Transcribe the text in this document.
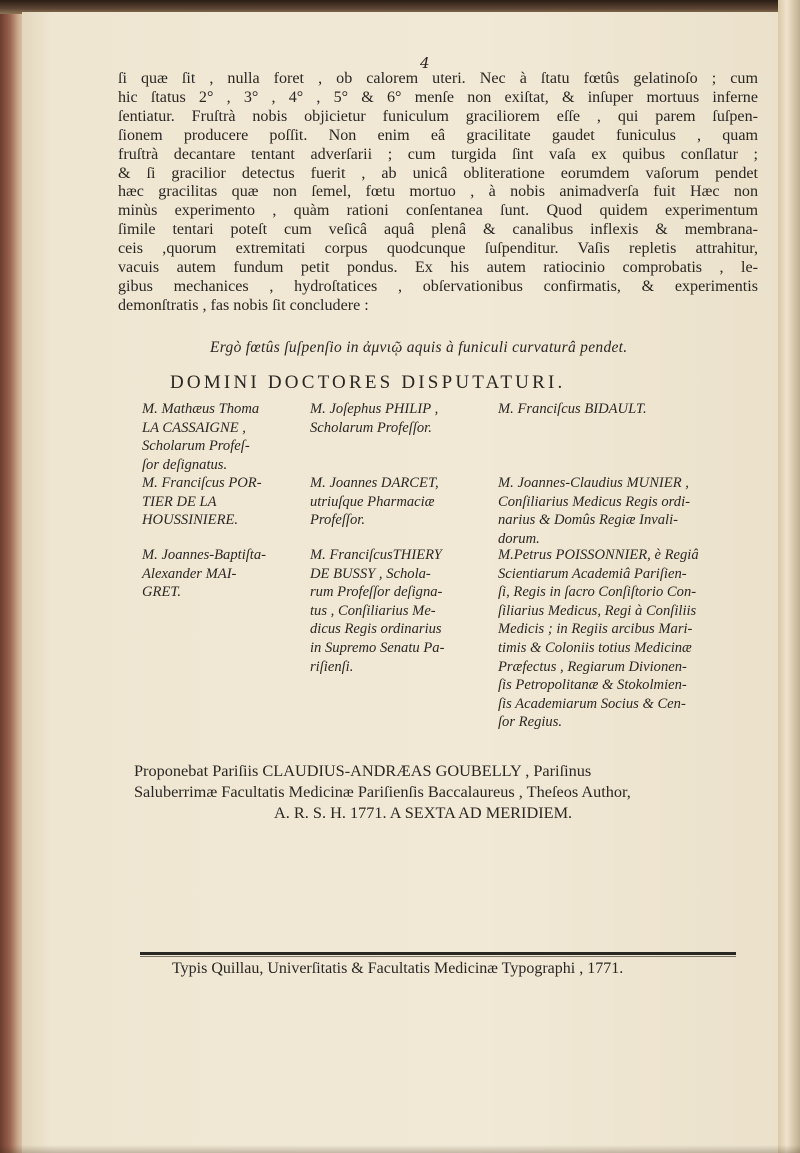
4
ſi quæ ſit , nulla foret , ob calorem uteri. Nec à ſtatu fœtûs gelatinoſo ; cum
hic ſtatus 2° , 3° , 4° , 5° & 6° menſe non exiſtat, & inſuper mortuus inferne
ſentiatur. Fruſtrà nobis objicietur funiculum graciliorem eſſe , qui parem ſuſpen-
ſionem producere poſſit. Non enim eâ gracilitate gaudet funiculus , quam
fruſtrà decantare tentant adverſarii ; cum turgida ſint vaſa ex quibus conſlatur ;
& ſi gracilior detectus fuerit , ab unicâ obliteratione eorumdem vaſorum pendet
hæc gracilitas quæ non ſemel, fœtu mortuo , à nobis animadverſa fuit Hæc non
minùs experimento , quàm rationi conſentanea ſunt. Quod quidem experimentum
ſimile tentari poteſt cum veſicâ aquâ plenâ & canalibus inflexis & membrana-
ceis ,quorum extremitati corpus quodcunque ſuſpenditur. Vaſis repletis attrahitur,
vacuis autem fundum petit pondus. Ex his autem ratiocinio comprobatis , le-
gibus mechanices , hydroſtatices , obſervationibus confirmatis, & experimentis
demonſtratis , fas nobis ſit concludere :
Ergò fœtûs ſuſpenſio in ἀμνιῷ aquis à funiculi curvaturâ pendet.
DOMINI DOCTORES DISPUTATURI.
M. Mathæus Thoma
LA CASSAIGNE ,
Scholarum Profeſ-
ſor deſignatus.
M. Franciſcus POR-
TIER DE LA
HOUSSINIERE.
M. Joannes-Baptiſta-
Alexander MAI-
GRET.
M. Joſephus PHILIP ,
Scholarum Profeſſor.
M. Joannes DARCET,
utriuſque Pharmaciæ
Profeſſor.
M. FranciſcusTHIERY
DE BUSSY , Schola-
rum Profeſſor deſigna-
tus , Conſiliarius Me-
dicus Regis ordinarius
in Supremo Senatu Pa-
riſienſi.
M. Franciſcus BIDAULT.
M. Joannes-Claudius MUNIER ,
Conſiliarius Medicus Regis ordi-
narius & Domûs Regiæ Invali-
dorum.
M.Petrus POISSONNIER, è Regiâ
Scientiarum Academiâ Pariſien-
ſi, Regis in ſacro Conſiſtorio Con-
ſiliarius Medicus, Regi à Conſiliis
Medicis ; in Regiis arcibus Mari-
timis & Coloniis totius Medicinæ
Præfectus , Regiarum Divionen-
ſis Petropolitanæ & Stokolmien-
ſis Academiarum Socius & Cen-
ſor Regius.
Proponebat Pariſiis CLAUDIUS-ANDRÆAS GOUBELLY , Pariſinus
Saluberrimæ Facultatis Medicinæ Pariſienſis Baccalaureus , Theſeos Author,
A. R. S. H. 1771. A SEXTA AD MERIDIEM.
Typis Quillau, Univerſitatis & Facultatis Medicinæ Typographi , 1771.
